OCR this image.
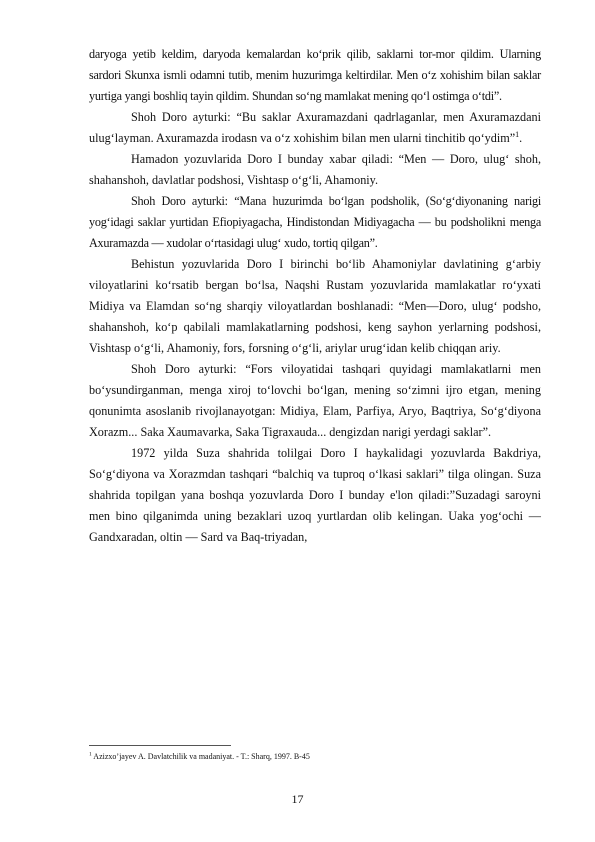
daryoga yetib keldim, daryoda kemalardan ko‘prik qilib, saklarni tor-mor qildim. Ularning sardori Skunxa ismli odamni tutib, menim huzurimga keltirdilar. Men o‘z xohishim bilan saklar yurtiga yangi boshliq tayin qildim. Shundan so‘ng mamlakat mening qo‘l ostimga o‘tdi”.

Shoh Doro ayturki: “Bu saklar Axuramazdani qadrlaganlar, men Axuramazdani ulug‘layman. Axuramazda irodasn va o‘z xohishim bilan men ularni tinchitib qo‘ydim”$^1$.

Hamadon yozuvlarida Doro I bunday xabar qiladi: “Men — Doro, ulug‘ shoh, shahanshoh, davlatlar podshosi, Vishtasp o‘g‘li, Ahamoniy.

Shoh Doro ayturki: “Mana huzurimda bo‘lgan podsholik, (So‘g‘diyonaning narigi yog‘idagi saklar yurtidan Efiopiyagacha, Hindistondan Midiyagacha — bu podsholikni menga Axuramazda — xudolar o‘rtasidagi ulug‘ xudo, tortiq qilgan”.

Behistun yozuvlarida Doro I birinchi bo‘lib Ahamoniylar davlatining g‘arbiy viloyatlarini ko‘rsatib bergan bo‘lsa, Naqshi Rustam yozuvlarida mamlakatlar ro‘yxati Midiya va Elamdan so‘ng sharqiy viloyatlardan boshlanadi: “Men—Doro, ulug‘ podsho, shahanshoh, ko‘p qabilali mamlakatlarning podshosi, keng sayhon yerlarning podshosi, Vishtasp o‘g‘li, Ahamoniy, fors, forsning o‘g‘li, ariylar urug‘idan kelib chiqqan ariy.

Shoh Doro ayturki: “Fors viloyatidai tashqari quyidagi mamlakatlarni men bo‘ysundirganman, menga xiroj to‘lovchi bo‘lgan, mening so‘zimni ijro etgan, mening qonunimta asoslanib rivojlanayotgan: Midiya, Elam, Parfiya, Aryo, Baqtriya, So‘g‘diyona Xorazm... Saka Xaumavarka, Saka Tigraxauda... dengizdan narigi yerdagi saklar”.

1972 yilda Suza shahrida tolilgai Doro I haykalidagi yozuvlarda Bakdriya, So‘g‘diyona va Xorazmdan tashqari “balchiq va tuproq o‘lkasi saklari” tilga olingan. Suza shahrida topilgan yana boshqa yozuvlarda Doro I bunday e'lon qiladi:”Suzadagi saroyni men bino qilganimda uning bezaklari uzoq yurtlardan olib kelingan. Uaka yog‘ochi — Gandxaradan, oltin — Sard va Baq-triyadan,

$^1$ Azizxo’jayev A. Davlatchilik va madaniyat. - T.: Sharq, 1997. B-45
17
